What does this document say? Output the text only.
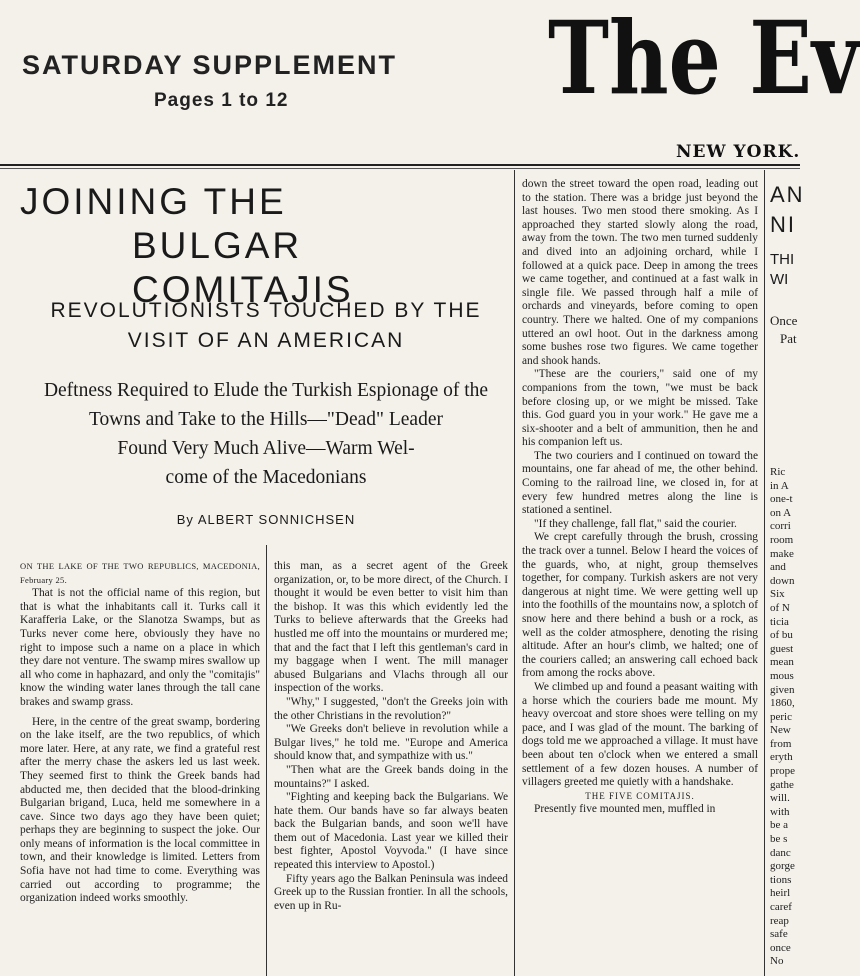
SATURDAY SUPPLEMENT
Pages 1 to 12	The Ev
NEW YORK.
JOINING THE
BULGAR COMITAJIS
REVOLUTIONISTS TOUCHED BY THE
VISIT OF AN AMERICAN
Deftness Required to Elude the Turkish Espionage of the
Towns and Take to the Hills—"Dead" Leader
Found Very Much Alive—Warm Wel-
come of the Macedonians
By ALBERT SONNICHSEN

ON THE LAKE OF THE TWO REPUBLICS, MACEDONIA, February 25.

That is not the official name of this region, but that is what the inhabitants call it. Turks call it Karafferia Lake, or the Slanotza Swamps, but as Turks never come here, obviously they have no right to impose such a name on a place in which they dare not venture. The swamp mires swallow up all who come in haphazard, and only the "comitajis" know the winding water lanes through the tall cane brakes and swamp grass.

Here, in the centre of the great swamp, bordering on the lake itself, are the two republics, of which more later. Here, at any rate, we find a grateful rest after the merry chase the askers led us last week. They seemed first to think the Greek bands had abducted me, then decided that the blood-drinking Bulgarian brigand, Luca, held me somewhere in a cave. Since two days ago they have been quiet; perhaps they are beginning to suspect the joke. Our only means of information is the local committee in town, and their knowledge is limited. Letters from Sofia have not had time to come. Everything was carried out according to programme; the organization indeed works smoothly.

this man, as a secret agent of the Greek organization, or, to be more direct, of the Church. I thought it would be even better to visit him than the bishop. It was this which evidently led the Turks to believe afterwards that the Greeks had hustled me off into the mountains or murdered me; that and the fact that I left this gentleman's card in my baggage when I went. The mill manager abused Bulgarians and Vlachs through all our inspection of the works.

"Why," I suggested, "don't the Greeks join with the other Christians in the revolution?"

"We Greeks don't believe in revolution while a Bulgar lives," he told me. "Europe and America should know that, and sympathize with us."

"Then what are the Greek bands doing in the mountains?" I asked.

"Fighting and keeping back the Bulgarians. We hate them. Our bands have so far always beaten back the Bulgarian bands, and soon we'll have them out of Macedonia. Last year we killed their best fighter, Apostol Voyvoda." (I have since repeated this interview to Apostol.)

Fifty years ago the Balkan Peninsula was indeed Greek up to the Russian frontier. In all the schools, even up in Ru-

down the street toward the open road, leading out to the station. There was a bridge just beyond the last houses. Two men stood there smoking. As I approached they started slowly along the road, away from the town. The two men turned suddenly and dived into an adjoining orchard, while I followed at a quick pace. Deep in among the trees we came together, and continued at a fast walk in single file. We passed through half a mile of orchards and vineyards, before coming to open country. There we halted. One of my companions uttered an owl hoot. Out in the darkness among some bushes rose two figures. We came together and shook hands.

"These are the couriers," said one of my companions from the town, "we must be back before closing up, or we might be missed. Take this. God guard you in your work." He gave me a six-shooter and a belt of ammunition, then he and his companion left us.

The two couriers and I continued on toward the mountains, one far ahead of me, the other behind. Coming to the railroad line, we closed in, for at every few hundred metres along the line is stationed a sentinel.

"If they challenge, fall flat," said the courier.

We crept carefully through the brush, crossing the track over a tunnel. Below I heard the voices of the guards, who, at night, group themselves together, for company. Turkish askers are not very dangerous at night time. We were getting well up into the foothills of the mountains now, a splotch of snow here and there behind a bush or a rock, as well as the colder atmosphere, denoting the rising altitude. After an hour's climb, we halted; one of the couriers called; an answering call echoed back from among the rocks above.

We climbed up and found a peasant waiting with a horse which the couriers bade me mount. My heavy overcoat and store shoes were telling on my pace, and I was glad of the mount. The barking of dogs told me we approached a village. It must have been about ten o'clock when we entered a small settlement of a few dozen houses. A number of villagers greeted me quietly with a handshake.

THE FIVE COMITAJIS.

Presently five mounted men, muffled in

AN
NI
THI
WI
Once
Pat
Ric
in A
one-t
on A
corri
room
make
and
down
Six
of N
ticia
of bu
guest
mean
mous
given
1860,
peric
New
from
eryth
prope
gathe
will.
with
be a
be s
danc
gorge
tions
heirl
caref
reap
safe
once
No
